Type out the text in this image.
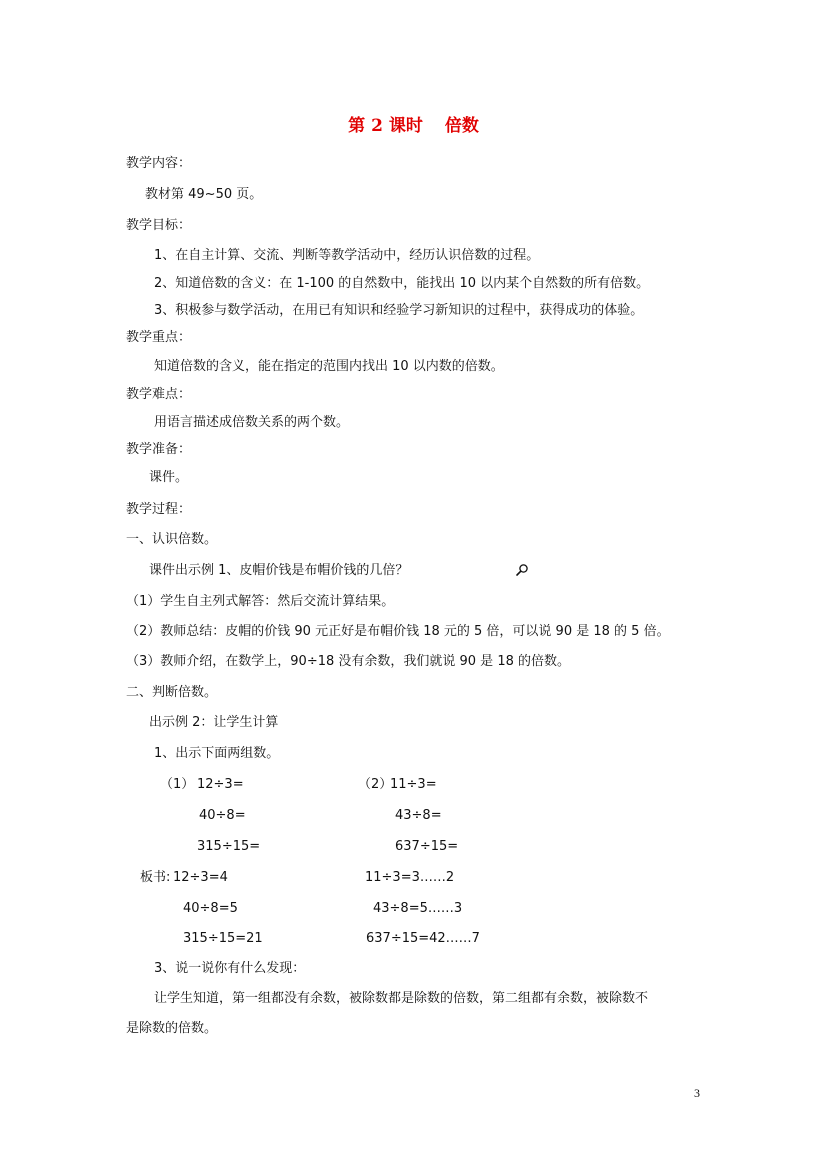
第 2 课时 倍数
教学内容：
教材第 49~50 页。
教学目标：
1、在自主计算、交流、判断等教学活动中，经历认识倍数的过程。
2、知道倍数的含义：在 1-100 的自然数中，能找出 10 以内某个自然数的所有倍数。
3、积极参与数学活动，在用已有知识和经验学习新知识的过程中，获得成功的体验。
教学重点：
知道倍数的含义，能在指定的范围内找出 10 以内数的倍数。
教学难点：
用语言描述成倍数关系的两个数。
教学准备：
课件。
教学过程：
一、认识倍数。
课件出示例 1、皮帽价钱是布帽价钱的几倍？
（1）学生自主列式解答：然后交流计算结果。
（2）教师总结：皮帽的价钱 90 元正好是布帽价钱 18 元的 5 倍，可以说 90 是 18 的 5 倍。
（3）教师介绍，在数学上，90÷18 没有余数，我们就说 90 是 18 的倍数。
二、判断倍数。
出示例 2：让学生计算
1、出示下面两组数。
（1） 12÷3=
40÷8=
315÷15=
（2）
11÷3=
43÷8=
637÷15=
板书: 12÷3=4
40÷8=5
315÷15=21
11÷3=3……2
43÷8=5……3
637÷15=42……7
3、说一说你有什么发现：
让学生知道，第一组都没有余数，被除数都是除数的倍数，第二组都有余数，被除数不
是除数的倍数。
3
